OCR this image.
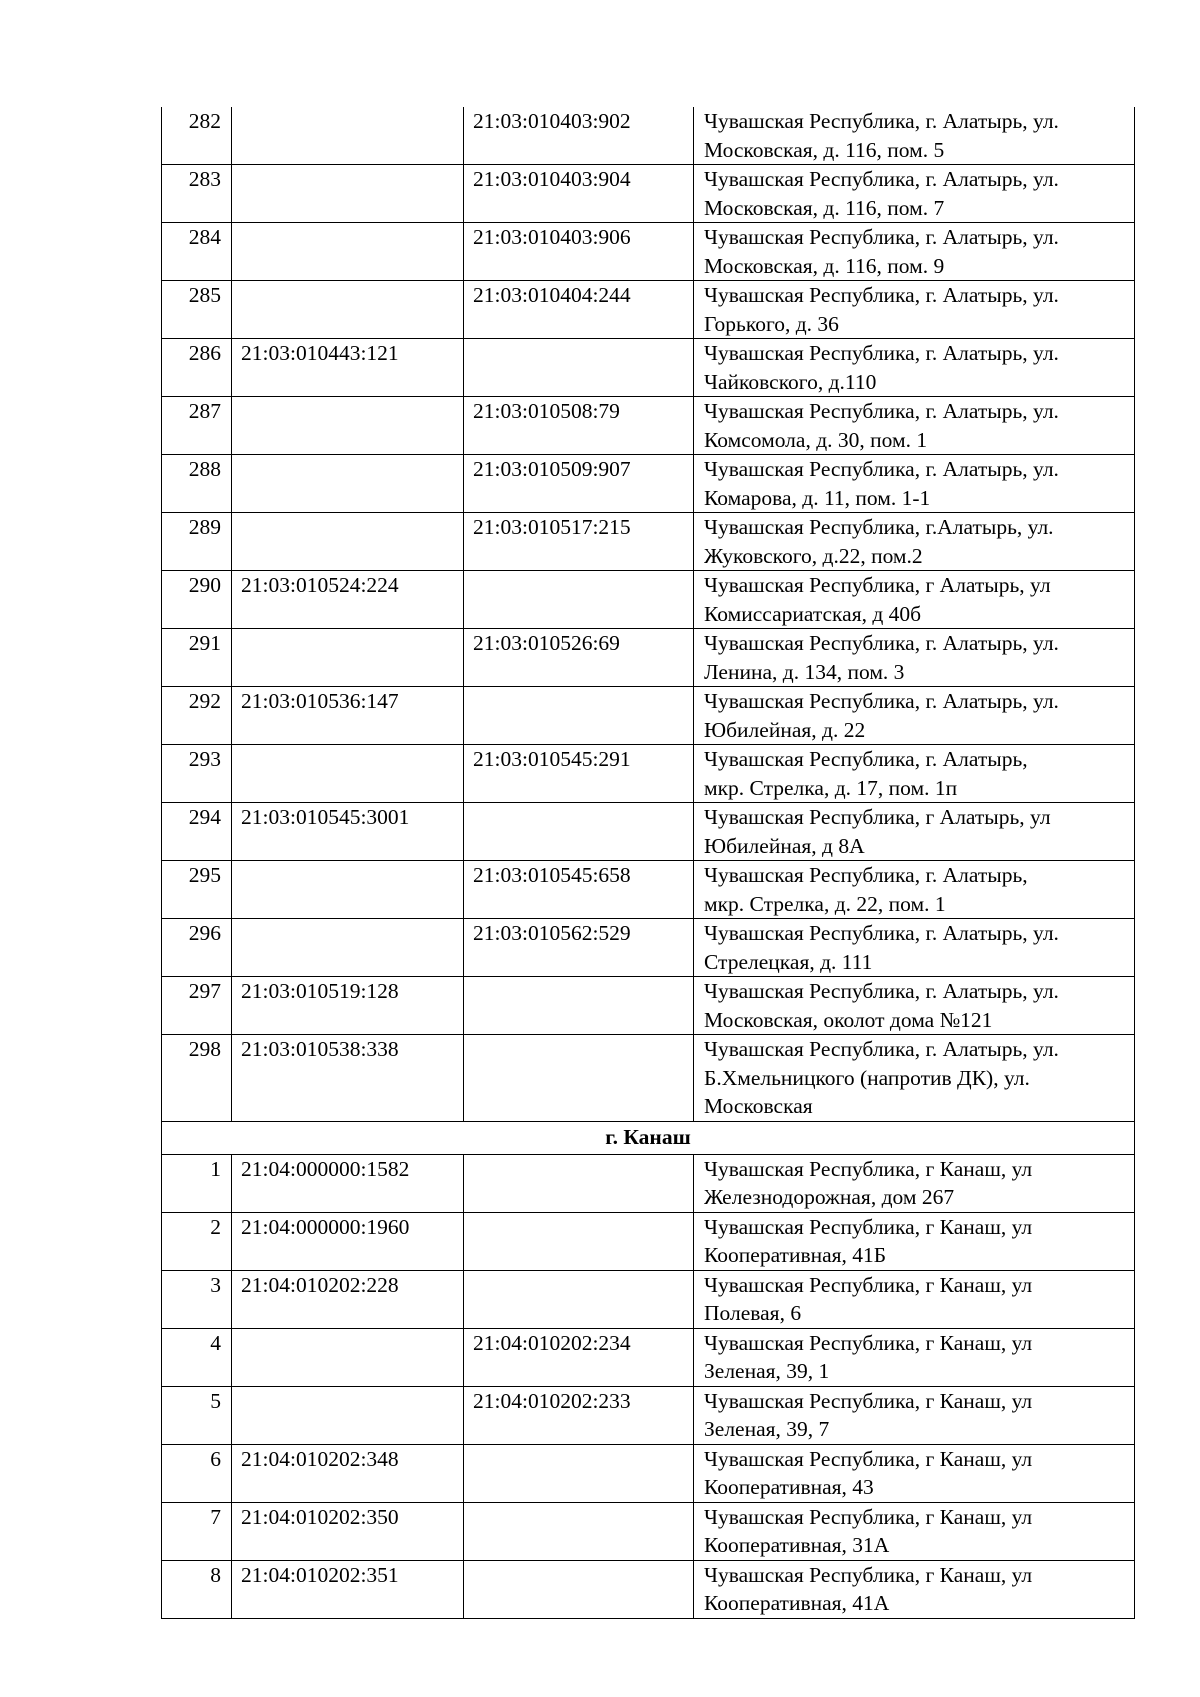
282		21:03:010403:902	Чувашская Республика, г. Алатырь, ул.
Московская, д. 116, пом. 5

283		21:03:010403:904	Чувашская Республика, г. Алатырь, ул.
Московская, д. 116, пом. 7

284		21:03:010403:906	Чувашская Республика, г. Алатырь, ул.
Московская, д. 116, пом. 9

285		21:03:010404:244	Чувашская Республика, г. Алатырь, ул.
Горького, д. 36

286	21:03:010443:121		Чувашская Республика, г. Алатырь, ул.
Чайковского, д.110

287		21:03:010508:79	Чувашская Республика, г. Алатырь, ул.
Комсомола, д. 30, пом. 1

288		21:03:010509:907	Чувашская Республика, г. Алатырь, ул.
Комарова, д. 11, пом. 1-1

289		21:03:010517:215	Чувашская Республика, г.Алатырь, ул.
Жуковского, д.22, пом.2

290	21:03:010524:224		Чувашская Республика, г Алатырь, ул
Комиссариатская, д 40б

291		21:03:010526:69	Чувашская Республика, г. Алатырь, ул.
Ленина, д. 134, пом. 3

292	21:03:010536:147		Чувашская Республика, г. Алатырь, ул.
Юбилейная, д. 22

293		21:03:010545:291	Чувашская Республика, г. Алатырь,
мкр. Стрелка, д. 17, пом. 1п

294	21:03:010545:3001		Чувашская Республика, г Алатырь, ул
Юбилейная, д 8А

295		21:03:010545:658	Чувашская Республика, г. Алатырь,
мкр. Стрелка, д. 22, пом. 1

296		21:03:010562:529	Чувашская Республика, г. Алатырь, ул.
Стрелецкая, д. 111

297	21:03:010519:128		Чувашская Республика, г. Алатырь, ул.
Московская, околот дома №121

298	21:03:010538:338		Чувашская Республика, г. Алатырь, ул.
Б.Хмельницкого (напротив ДК), ул.
Московская

г. Канаш			
1	21:04:000000:1582		Чувашская Республика, г Канаш, ул
Железнодорожная, дом 267

2	21:04:000000:1960		Чувашская Республика, г Канаш, ул
Кооперативная, 41Б

3	21:04:010202:228		Чувашская Республика, г Канаш, ул
Полевая, 6

4		21:04:010202:234	Чувашская Республика, г Канаш, ул
Зеленая, 39, 1

5		21:04:010202:233	Чувашская Республика, г Канаш, ул
Зеленая, 39, 7

6	21:04:010202:348		Чувашская Республика, г Канаш, ул
Кооперативная, 43

7	21:04:010202:350		Чувашская Республика, г Канаш, ул
Кооперативная, 31А

8	21:04:010202:351		Чувашская Республика, г Канаш, ул
Кооперативная, 41А
